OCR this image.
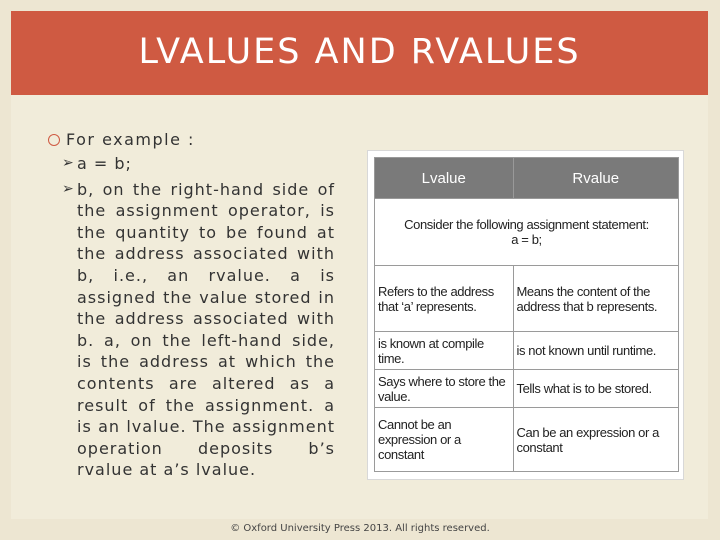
LVALUES AND RVALUES
For example :
➢ a = b;
➢ b, on the right-hand side of the assignment operator, is the quantity to be found at the address associated with b, i.e., an rvalue. a is assigned the value stored in the address associated with b. a, on the left-hand side, is the address at which the contents are altered as a result of the assignment. a is an lvalue. The assignment operation deposits b’s rvalue at a’s lvalue.
Lvalue	Rvalue

Consider the following assignment statement:
a = b;	

Refers to the address that ‘a’ represents.	Means the content of the address that b represents.
is known at compile time.	is not known until runtime.
Says where to store the value.	Tells what is to be stored.
Cannot be an expression or a constant	Can be an expression or a constant
© Oxford University Press 2013. All rights reserved.
